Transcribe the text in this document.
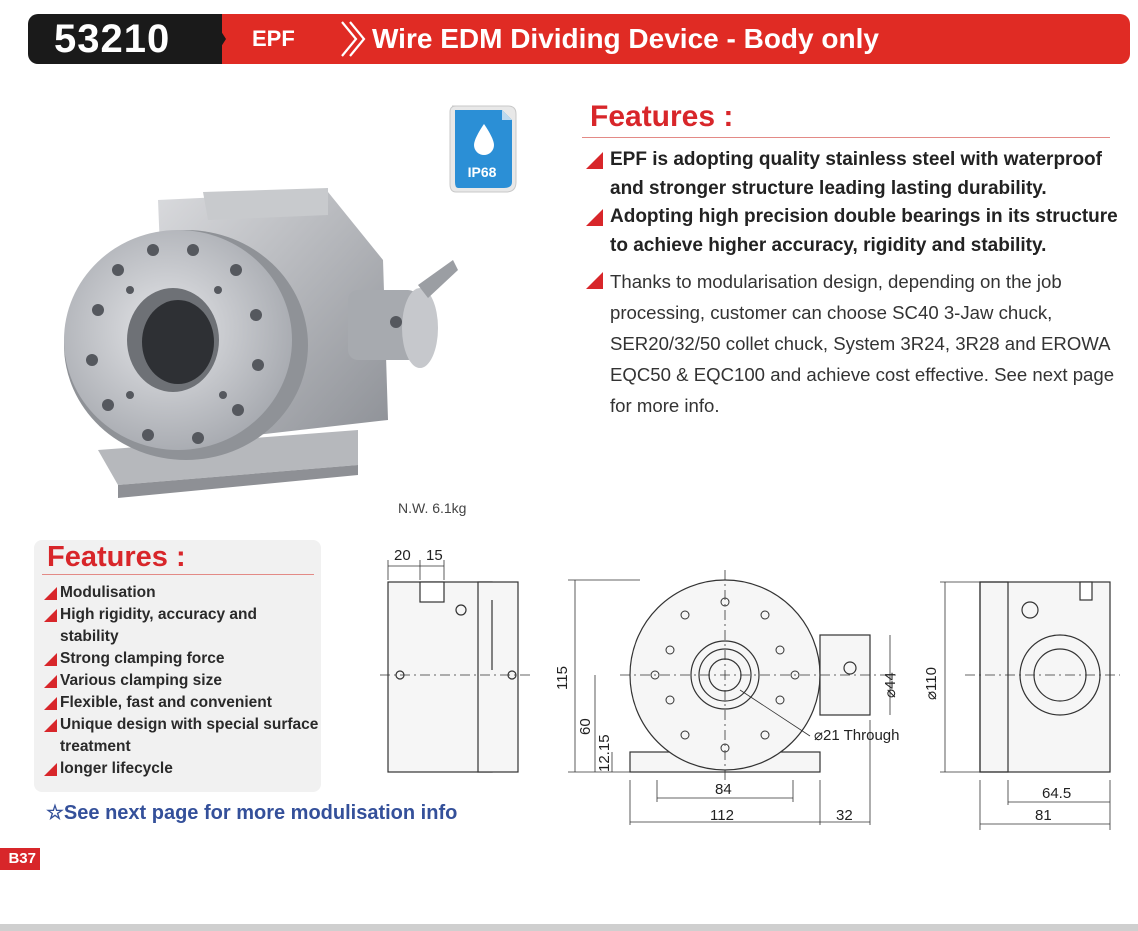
53210	EPF	Wire EDM Dividing Device - Body only
IP68
N.W. 6.1kg
Features :
EPF is adopting quality stainless steel with waterproof and stronger structure leading lasting durability.
Adopting high precision double bearings in its structure to achieve higher accuracy, rigidity and stability.
Thanks to modularisation design, depending on the job processing, customer can choose SC40 3-Jaw chuck, SER20/32/50 collet chuck, System 3R24, 3R28 and EROWA EQC50 & EQC100 and achieve cost effective. See next page for more info.
Features :
Modulisation
High rigidity, accuracy and stability
Strong clamping force
Various clamping size
Flexible, fast and convenient
Unique design with special surface treatment
longer lifecycle
☆See next page for more modulisation info
B37
20 15
115
60
12.15
⌀44 ⌀110
⌀21 Through
84
112	32
64.5
81
